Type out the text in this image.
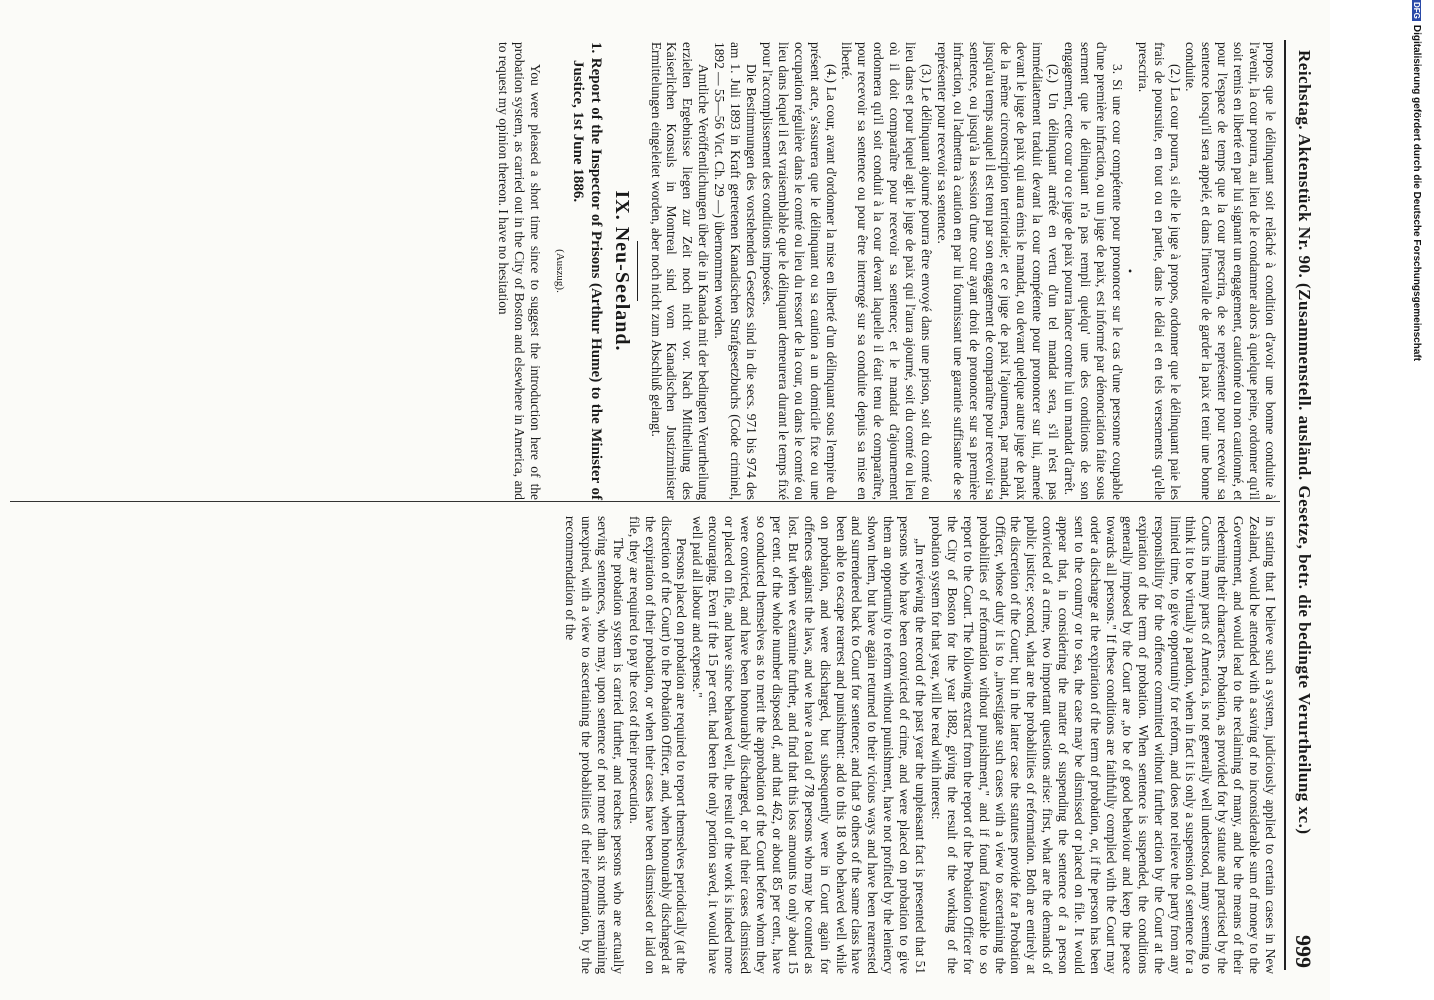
Reichstag. Aktenstück Nr. 90. (Zusammenstell. ausländ. Gesetze, betr. die bedingte Verurtheilung xc.)
999

propos que le délinquant soit relâché à condition d'avoir une bonne conduite à l'avenir, la cour pourra, au lieu de le condamner alors à quelque peine, ordonner qu'il soit remis en liberté en par lui signant un engagement, cautionné ou non cautionné, et pour l'espace de temps que la cour prescrira, de se représenter pour recevoir sa sentence lorsqu'il sera appelé, et dans l'intervalle de garder la paix et tenir une bonne conduite.

(2.) La cour pourra, si elle le juge à propos, ordonner que le délinquant paie les frais de poursuite, en tout ou en partie, dans le délai et en tels versements qu'elle prescrira.

•

3. Si une cour compétente pour prononcer sur le cas d'une personne coupable d'une première infraction, ou un juge de paix, est informé par dénonciation faite sous serment que le délinquant n'a pas rempli quelqu' une des conditions de son engagement, cette cour ou ce juge de paix pourra lancer contre lui un mandat d'arrêt.

(2.) Un délinquant arrêté en vertu d'un tel mandat sera, s'il n'est pas immédiatement traduit devant la cour compétente pour prononcer sur lui, amené devant le juge de paix qui aura émis le mandat, ou devant quelque autre juge de paix de la même circonscription territoriale; et ce juge de paix l'ajournera, par mandat, jusqu'au temps auquel il est tenu par son engagement de comparaître pour recevoir sa sentence, ou jusqu'à la session d'une cour ayant droit de prononcer sur sa première infraction, ou l'admettra à caution en par lui fournissant une garantie suffisante de se représenter pour recevoir sa sentence.

(3.) Le délinquant ajourné pourra être envoyé dans une prison, soit du comté ou lieu dans et pour lequel agit le juge de paix qui l'aura ajourné, soit du comté ou lieu où il doit comparaître pour recevoir sa sentence; et le mandat d'ajournement ordonnera qu'il soit conduit à la cour devant laquelle il était tenu de comparaître, pour recevoir sa sentence ou pour être interrogé sur sa conduite depuis sa mise en liberté.

(4.) La cour, avant d'ordonner la mise en liberté d'un délinquant sous l'empire du présent acte, s'assurera que le délinquant ou sa caution a un domicile fixe ou une occupation régulière dans le comté ou lieu du ressort de la cour, ou dans le comté ou lieu dans lequel il est vraisemblable que le délinquant demeurera durant le temps fixé pour l'accomplissement des conditions imposées.

Die Bestimmungen des vorstehenden Gesetzes sind in die secs. 971 bis 974 des am 1. Juli 1893 in Kraft getretenen Kanadischen Strafgesetzbuchs (Code criminel, 1892 — 55—56 Vict. Ch. 29 —) übernommen worden.

Amtliche Veröffentlichungen über die in Kanada mit der bedingten Verurtheilung erzielten Ergebnisse liegen zur Zeit noch nicht vor. Nach Mittheilung des Kaiserlichen Konsuls in Montreal sind vom Kanadischen Justizminister Ermittelungen eingeleitet worden, aber noch nicht zum Abschluß gelangt.

IX. Neu-Seeland.
1. Report of the Inspector of Prisons (Arthur Hume) to the Minister of Justice, 1st June 1886.
(Auszug).

You were pleased a short time since to suggest the introduction here of the probation system, as carried out in the City of Boston and elsewhere in America, and to request my opinion thereon. I have no hesitation

in stating that I believe such a system, judiciously applied to certain cases in New Zealand, would be attended with a saving of no inconsiderable sum of money to the Government, and would lead to the reclaiming of many, and be the means of their redeeming their characters. Probation, as provided for by statute and practised by the Courts in many parts of America, is not generally well understood, many seeming to think it to be virtually a pardon, when in fact it is only a suspension of sentence for a limited time, to give opportunity for reform, and does not relieve the party from any responsibility for the offence committed without further action by the Court at the expiration of the term of probation. When sentence is suspended, the conditions generally imposed by the Court are „to be of good behaviour and keep the peace towards all persons." If these conditions are faithfully complied with the Court may order a discharge at the expiration of the term of probation, or, if the person has been sent to the country or to sea, the case may be dismissed or placed on file. It would appear that, in considering the matter of suspending the sentence of a person convicted of a crime, two important questions arise: first, what are the demands of public justice; second, what are the probabilities of reformation. Both are entirely at the discretion of the Court; but in the latter case the statutes provide for a Probation Officer, whose duty it is to „investigate such cases with a view to ascertaining the probabilities of reformation without punishment," and if found favourable to so report to the Court. The following extract from the report of the Probation Officer for the City of Boston for the year 1882, giving the result of the working of the probation system for that year, will be read with interest:

„In reviewing the record of the past year the unpleasant fact is presented that 51 persons who have been convicted of crime, and were placed on probation to give them an opportunity to reform without punishment, have not profited by the leniency shown them, but have again returned to their vicious ways and have been rearrested and surrendered back to Court for sentence; and that 9 others of the same class have been able to escape rearrest and punishment: add to this 18 who behaved well while on probation, and were discharged, but subsequently were in Court again for offences against the laws, and we have a total of 78 persons who may be counted as lost. But when we examine further, and find that this loss amounts to only about 15 per cent. of the whole number disposed of, and that 462, or about 85 per cent., have so conducted themselves as to merit the approbation of the Court before whom they were convicted, and have been honourably discharged, or had their cases dismissed or placed on file, and have since behaved well, the result of the work is indeed more encouraging. Even if the 15 per cent. had been the only portion saved, it would have well paid all labour and expense."

Persons placed on probation are required to report themselves periodically (at the discretion of the Court) to the Probation Officer, and, when honourably discharged at the expiration of their probation, or when their cases have been dismissed or laid on file, they are required to pay the cost of their prosecution.

The probation system is carried further, and reaches persons who are actually serving sentences, who may, upon sentence of not more than six months remaining unexpired, with a view to ascertaining the probabilities of their reformation, by the recommendation of the

DFGDigitalisierung gefördert durch die Deutsche Forschungsgemeinschaft
